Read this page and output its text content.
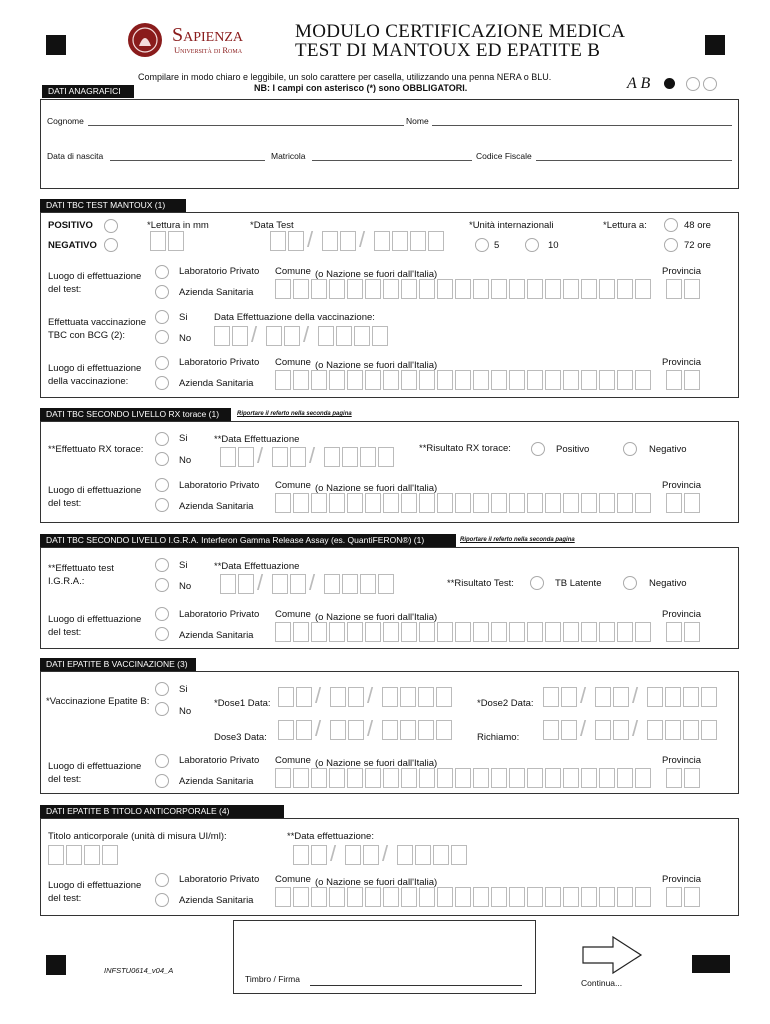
Sapienza
Università di Roma
MODULO CERTIFICAZIONE MEDICA
TEST DI MANTOUX ED EPATITE B
DATI ANAGRAFICI
Compilare in modo chiaro e leggibile, un solo carattere per casella, utilizzando una penna NERA o BLU.
NB: I campi con asterisco (*) sono OBBLIGATORI.	A B
Cognome	Nome
Data di nascita	Matricola	Codice Fiscale
DATI TBC TEST MANTOUX (1)
POSITIVO
NEGATIVO
*Lettura in mm	*Data Test
/ /
*Unità internazionali
5	10
*Lettura a:	48 ore
72 ore
Luogo di effettuazione
del test:
Laboratorio Privato
Azienda Sanitaria
Comune (o Nazione se fuori dall'Italia)	Provincia
Effettuata vaccinazione
TBC con BCG (2):
Si
No
Data Effettuazione della vaccinazione:
/ /
Luogo di effettuazione
della vaccinazione:
Laboratorio Privato
Azienda Sanitaria
Comune (o Nazione se fuori dall'Italia)	Provincia
DATI TBC SECONDO LIVELLO RX torace (1)	Riportare il referto nella seconda pagina
**Effettuato RX torace:
Si
No
**Data Effettuazione
/ /	**Risultato RX torace:	Positivo	Negativo
Luogo di effettuazione
del test:
Laboratorio Privato
Azienda Sanitaria
Comune (o Nazione se fuori dall'Italia)	Provincia
DATI TBC SECONDO LIVELLO I.G.R.A. Interferon Gamma Release Assay (es. QuantiFERON®) (1)	Riportare il referto nella seconda pagina
**Effettuato test
I.G.R.A.:
Si
No
**Data Effettuazione
/ /	**Risultato Test:	TB Latente	Negativo
Luogo di effettuazione
del test:
Laboratorio Privato
Azienda Sanitaria
Comune (o Nazione se fuori dall'Italia)	Provincia
DATI EPATITE B VACCINAZIONE (3)
*Vaccinazione Epatite B:
Si
No
*Dose1 Data: / /	*Dose2 Data: / /
Dose3 Data: / /	Richiamo:	/ /
Luogo di effettuazione
del test:
Laboratorio Privato
Azienda Sanitaria
Comune (o Nazione se fuori dall'Italia)	Provincia
DATI EPATITE B TITOLO ANTICORPORALE (4)
Titolo anticorporale (unità di misura UI/ml):	**Data effettuazione:
/ /
Luogo di effettuazione
del test:
Laboratorio Privato
Azienda Sanitaria
Comune (o Nazione se fuori dall'Italia)	Provincia
INFSTU0614_v04_A
Timbro / Firma	Continua...
